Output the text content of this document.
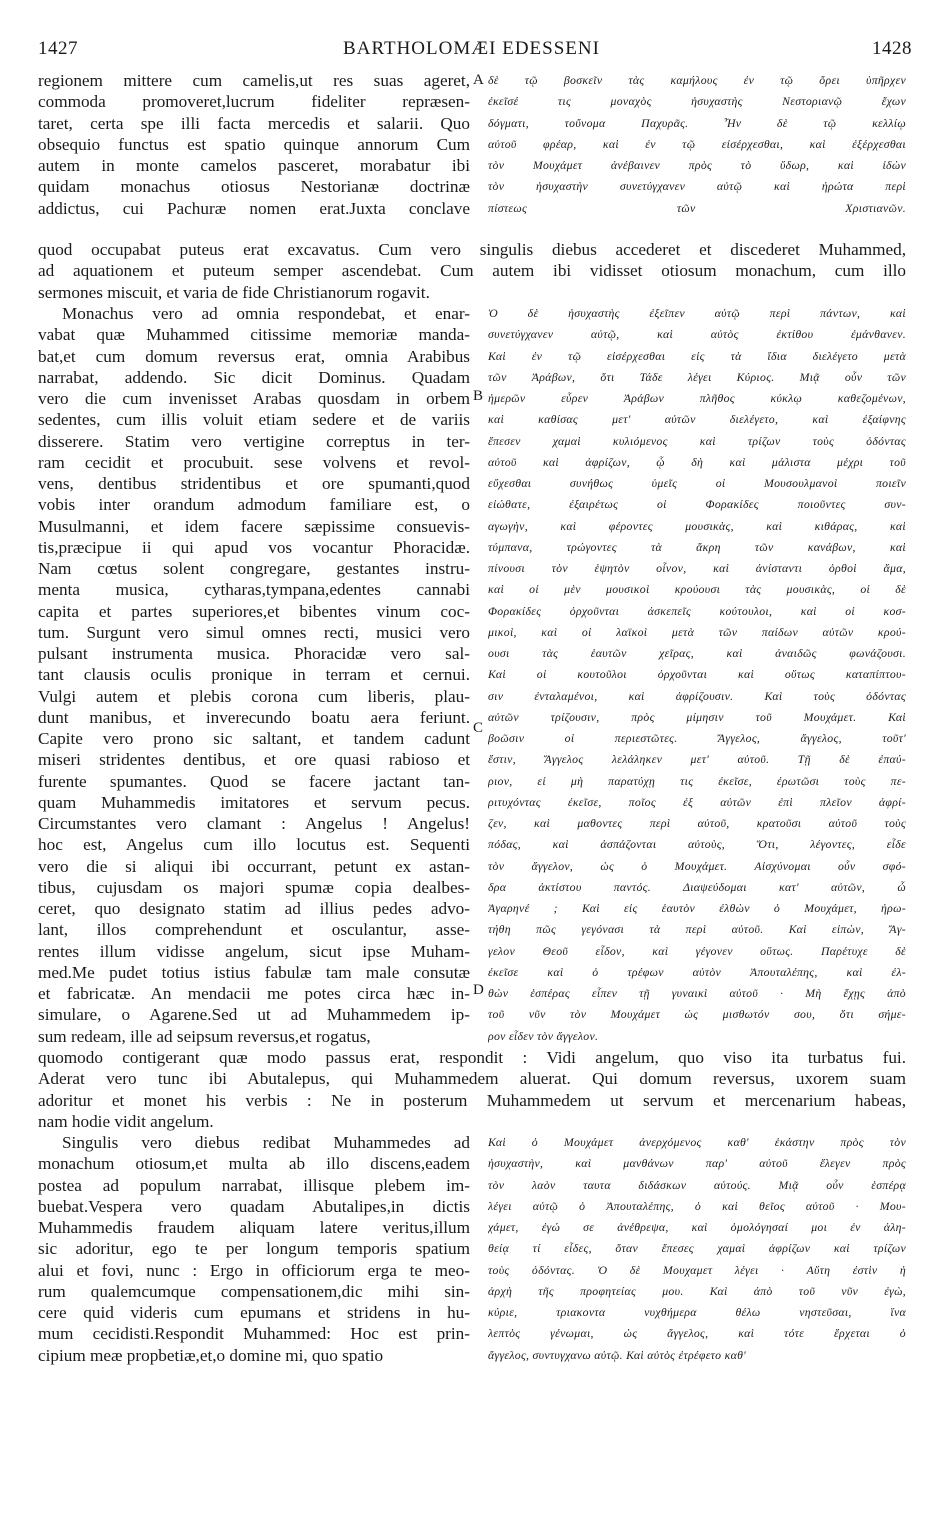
1427	BARTHOLOMÆI EDESSENI	1428
regionem mittere cum camelis,ut res suas ageret,
commoda promoveret,lucrum fideliter repræsen-
taret, certa spe illi facta mercedis et salarii. Quo
obsequio functus est spatio quinque annorum Cum
autem in monte camelos pasceret, morabatur ibi
quidam monachus otiosus Nestorianæ doctrinæ
addictus, cui Pachuræ nomen erat.Juxta conclave
δὲ τῷ βοσκεῖν τὰς καμήλους ἐν τῷ ὄρει ὑπῆρχεν
ἐκεῖσέ τις μοναχὸς ἡσυχαστὴς Νεστοριανῷ ἔχων
δόγματι, τοὔνομα Παχυρᾶς. Ἦν δὲ τῷ κελλίῳ
αὐτοῦ φρέαρ, καὶ ἐν τῷ εἰσέρχεσθαι, καὶ ἐξέρχεσθαι
τὸν Μουχάμετ ἀνέβαινεν πρὸς τὸ ὕδωρ, καὶ ἰδὼν
τὸν ἡσυχαστὴν συνετύγχανεν αὐτῷ καὶ ἠρώτα περὶ
πίστεως τῶν Χριστιανῶν.
quod occupabat puteus erat excavatus. Cum vero singulis diebus accederet et discederet Muhammed,
ad aquationem et puteum semper ascendebat. Cum autem ibi vidisset otiosum monachum, cum illo
sermones miscuit, et varia de fide Christianorum rogavit.
Monachus vero ad omnia respondebat, et enar-
vabat quæ Muhammed citissime memoriæ manda-
bat,et cum domum reversus erat, omnia Arabibus
narrabat, addendo. Sic dicit Dominus. Quadam
vero die cum invenisset Arabas quosdam in orbem
sedentes, cum illis voluit etiam sedere et de variis
disserere. Statim vero vertigine correptus in ter-
ram cecidit et procubuit. sese volvens et revol-
vens, dentibus stridentibus et ore spumanti,quod
vobis inter orandum admodum familiare est, o
Musulmanni, et idem facere sæpissime consuevis-
tis,præcipue ii qui apud vos vocantur Phoracidæ.
Nam cœtus solent congregare, gestantes instru-
menta musica, cytharas,tympana,edentes cannabi
capita et partes superiores,et bibentes vinum coc-
tum. Surgunt vero simul omnes recti, musici vero
pulsant instrumenta musica. Phoracidæ vero sal-
tant clausis oculis pronique in terram et cernui.
Vulgi autem et plebis corona cum liberis, plau-
dunt manibus, et inverecundo boatu aera feriunt.
Capite vero prono sic saltant, et tandem cadunt
miseri stridentes dentibus, et ore quasi rabioso et
furente spumantes. Quod se facere jactant tan-
quam Muhammedis imitatores et servum pecus.
Circumstantes vero clamant : Angelus ! Angelus!
hoc est, Angelus cum illo locutus est. Sequenti
vero die si aliqui ibi occurrant, petunt ex astan-
tibus, cujusdam os majori spumæ copia dealbes-
ceret, quo designato statim ad illius pedes advo-
lant, illos comprehendunt et osculantur, asse-
rentes illum vidisse angelum, sicut ipse Muham-
med.Me pudet totius istius fabulæ tam male consutæ
et fabricatæ. An mendacii me potes circa hæc in-
simulare, o Agarene.Sed ut ad Muhammedem ip-
sum redeam, ille ad seipsum reversus,et rogatus,
Ὁ δὲ ἡσυχαστὴς ἐξεῖπεν αὐτῷ περὶ πάντων, καὶ
συνετύγχανεν αὐτῷ, καὶ αὐτὸς ἐκτίθου ἐμάνθανεν.
Καὶ ἐν τῷ εἰσέρχεσθαι εἰς τὰ ἴδια διελέγετο μετὰ
τῶν Ἀράβων, ὅτι Τάδε λέγει Κύριος. Μιᾷ οὖν τῶν
ἡμερῶν εὗρεν Ἀράβων πλῆθος κύκλῳ καθεζομένων,
καὶ καθίσας μετ' αὐτῶν διελέγετο, καὶ ἐξαίφνης
ἔπεσεν χαμαὶ κυλιόμενος καὶ τρίζων τοὺς ὀδόντας
αὐτοῦ καὶ ἀφρίζων, ᾧ δὴ καὶ μάλιστα μέχρι τοῦ
εὔχεσθαι συνήθως ὑμεῖς οἱ Μουσουλμανοὶ ποιεῖν
εἰώθατε, ἐξαιρέτως οἱ Φορακίδες ποιοῦντες συν-
αγωγὴν, καὶ φέροντες μουσικὰς, καὶ κιθάρας, καὶ
τύμπανα, τρώγοντες τὰ ἄκρη τῶν κανάβων, καὶ
πίνουσι τὸν ἑψητὸν οἶνον, καὶ ἀνίσταντι ὀρθοὶ ἅμα,
καὶ οἱ μὲν μουσικοὶ κρούουσι τὰς μουσικὰς, οἱ δὲ
Φορακίδες ὀρχοῦνται ἀσκεπεῖς κούτουλοι, καὶ οἱ κοσ-
μικοὶ, καὶ οἱ λαϊκοὶ μετὰ τῶν παίδων αὐτῶν κρού-
ουσι τὰς ἑαυτῶν χεῖρας, καὶ ἀναιδῶς φωνάζουσι.
Καὶ οἱ κουτοῦλοι ὀρχοῦνται καὶ οὕτως καταπίπτου-
σιν ἐνταλαμένοι, καὶ ἀφρίζουσιν. Καὶ τοὺς ὀδόντας
αὐτῶν τρίζουσιν, πρὸς μίμησιν τοῦ Μουχάμετ. Καὶ
βοῶσιν οἱ περιεστῶτες. Ἄγγελος, ἄγγελος, τοῦτ'
ἔστιν, Ἄγγελος λελάληκεν μετ' αὐτοῦ. Τῇ δὲ ἐπαύ-
ριον, εἰ μὴ παρατύχῃ τις ἐκεῖσε, ἐρωτῶσι τοὺς πε-
ριτυχόντας ἐκεῖσε, ποῖος ἐξ αὐτῶν ἐπὶ πλεῖον ἀφρί-
ζεν, καὶ μαθοντες περὶ αὐτοῦ, κρατοῦσι αὐτοῦ τοὺς
πόδας, καὶ ἀσπάζονται αὐτοὺς, Ὅτι, λέγοντες, εἶδε
τὸν ἄγγελον, ὡς ὁ Μουχάμετ. Αἰσχύνομαι οὖν σφό-
δρα ἀκτίστου παντός. Διαψεύδομαι κατ' αὐτῶν, ὦ
Ἀγαρηνέ ; Καὶ εἰς ἑαυτὸν ἐλθὼν ὁ Μουχάμετ, ἠρω-
τήθη πῶς γεγόνασι τὰ περὶ αὐτοῦ. Καὶ εἰπὼν, Ἄγ-
γελον Θεοῦ εἶδον, καὶ γέγονεν οὕτως. Παρέτυχε δὲ
ἐκεῖσε καὶ ὁ τρέφων αὐτὸν Ἀπουταλέπης, καὶ ἐλ-
θὼν ἑσπέρας εἶπεν τῇ γυναικὶ αὐτοῦ · Μὴ ἔχῃς ἀπὸ
τοῦ νῦν τὸν Μουχάμετ ὡς μισθωτόν σου, ὅτι σήμε-
ρον εἶδεν τὸν ἄγγελον.
quomodo contigerant quæ modo passus erat, respondit : Vidi angelum, quo viso ita turbatus fui.
Aderat vero tunc ibi Abutalepus, qui Muhammedem aluerat. Qui domum reversus, uxorem suam
adoritur et monet his verbis : Ne in posterum Muhammedem ut servum et mercenarium habeas,
nam hodie vidit angelum.
Singulis vero diebus redibat Muhammedes ad
monachum otiosum,et multa ab illo discens,eadem
postea ad populum narrabat, illisque plebem im-
buebat.Vespera vero quadam Abutalipes,in dictis
Muhammedis fraudem aliquam latere veritus,illum
sic adoritur, ego te per longum temporis spatium
alui et fovi, nunc : Ergo in officiorum erga te meo-
rum qualemcumque compensationem,dic mihi sin-
cere quid videris cum epumans et stridens in hu-
mum cecidisti.Respondit Muhammed: Hoc est prin-
cipium meæ propbetiæ,et,o domine mi, quo spatio
Καὶ ὁ Μουχάμετ ἀνερχόμενος καθ' ἑκάστην πρὸς τὸν
ἡσυχαστὴν, καὶ μανθάνων παρ' αὐτοῦ ἔλεγεν πρὸς
τὸν λαὸν ταυτα διδάσκων αὐτούς. Μιᾷ οὖν ἑσπέρᾳ
λέγει αὐτῷ ὁ Ἀπουταλέπης, ὁ καὶ θεῖος αὐτοῦ · Μου-
χάμετ, ἐγώ σε ἀνέθρεψα, καὶ ὁμολόγησαί μοι ἐν ἀλη-
θείᾳ τί εἶδες, ὅταν ἔπεσες χαμαὶ ἀφρίζων καὶ τρίζων
τοὺς ὀδόντας. Ὁ δὲ Μουχαμετ λέγει · Αὕτη ἐστὶν ἡ
ἀρχὴ τῆς προφητείας μου. Καὶ ἀπὸ τοῦ νῦν ἐγὼ,
κύριε, τριακοντα νυχθήμερα θέλω νηστεῦσαι, ἵνα
λεπτὸς γένωμαι, ὡς ἄγγελος, καὶ τότε ἔρχεται ὁ
ἄγγελος, συντυγχανω αὐτῷ. Καὶ αὐτὸς ἐτρέφετο καθ'
A
B
C
D
